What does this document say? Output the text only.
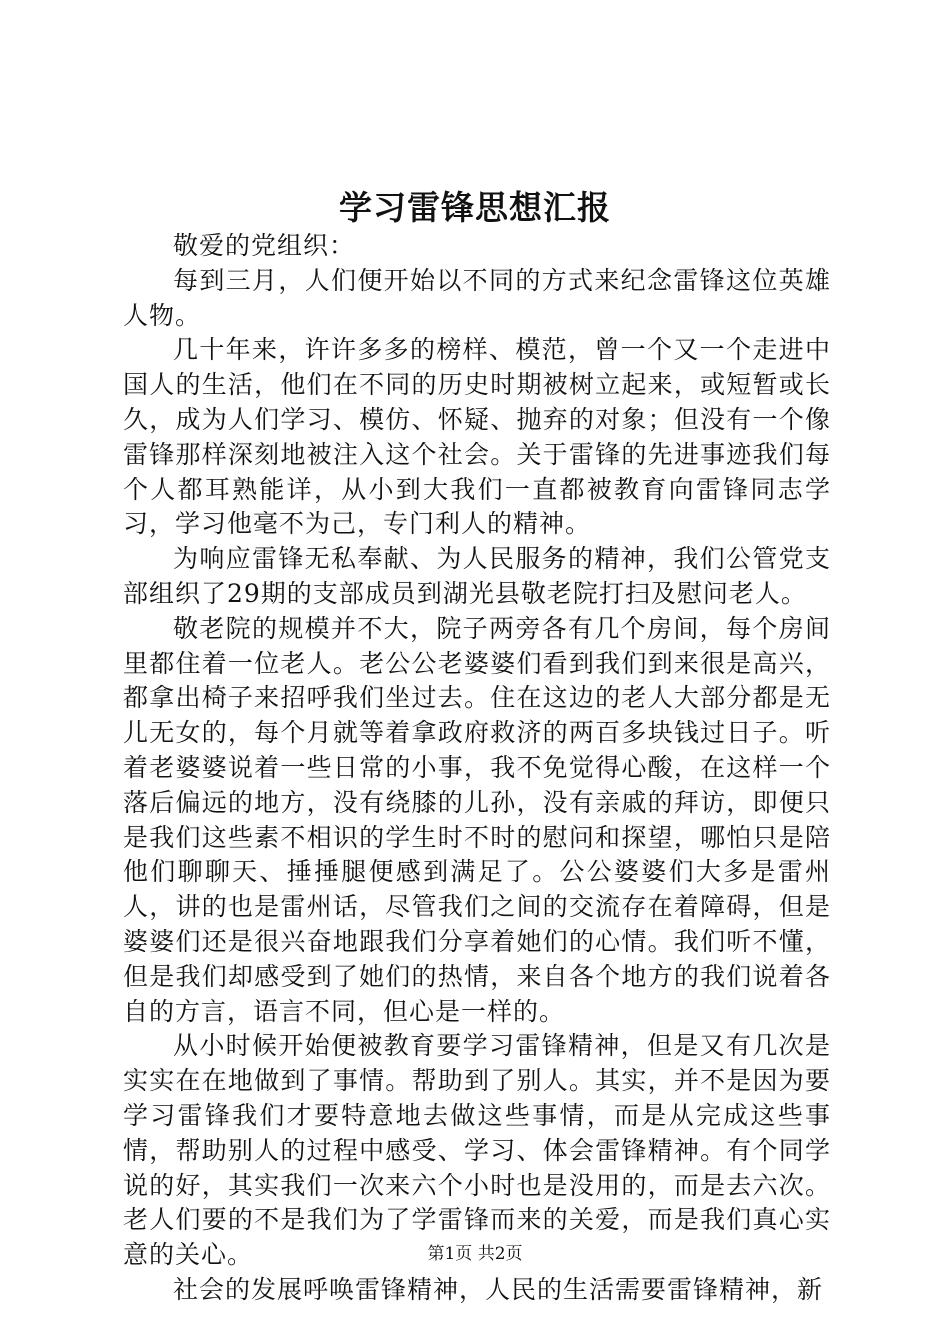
学习雷锋思想汇报

敬爱的党组织：

每到三月，人们便开始以不同的方式来纪念雷锋这位英雄人物。

几十年来，许许多多的榜样、模范，曾一个又一个走进中国人的生活，他们在不同的历史时期被树立起来，或短暂或长久，成为人们学习、模仿、怀疑、抛弃的对象；但没有一个像雷锋那样深刻地被注入这个社会。关于雷锋的先进事迹我们每个人都耳熟能详，从小到大我们一直都被教育向雷锋同志学习，学习他毫不为己，专门利人的精神。

为响应雷锋无私奉献、为人民服务的精神，我们公管党支部组织了29期的支部成员到湖光县敬老院打扫及慰问老人。

敬老院的规模并不大，院子两旁各有几个房间，每个房间里都住着一位老人。老公公老婆婆们看到我们到来很是高兴，都拿出椅子来招呼我们坐过去。住在这边的老人大部分都是无儿无女的，每个月就等着拿政府救济的两百多块钱过日子。听着老婆婆说着一些日常的小事，我不免觉得心酸，在这样一个落后偏远的地方，没有绕膝的儿孙，没有亲戚的拜访，即便只是我们这些素不相识的学生时不时的慰问和探望，哪怕只是陪他们聊聊天、捶捶腿便感到满足了。公公婆婆们大多是雷州人，讲的也是雷州话，尽管我们之间的交流存在着障碍，但是婆婆们还是很兴奋地跟我们分享着她们的心情。我们听不懂，但是我们却感受到了她们的热情，来自各个地方的我们说着各自的方言，语言不同，但心是一样的。

从小时候开始便被教育要学习雷锋精神，但是又有几次是实实在在地做到了事情。帮助到了别人。其实，并不是因为要学习雷锋我们才要特意地去做这些事情，而是从完成这些事情，帮助别人的过程中感受、学习、体会雷锋精神。有个同学说的好，其实我们一次来六个小时也是没用的，而是去六次。老人们要的不是我们为了学雷锋而来的关爱，而是我们真心实意的关心。

社会的发展呼唤雷锋精神，人民的生活需要雷锋精神，新

第1页 共2页
